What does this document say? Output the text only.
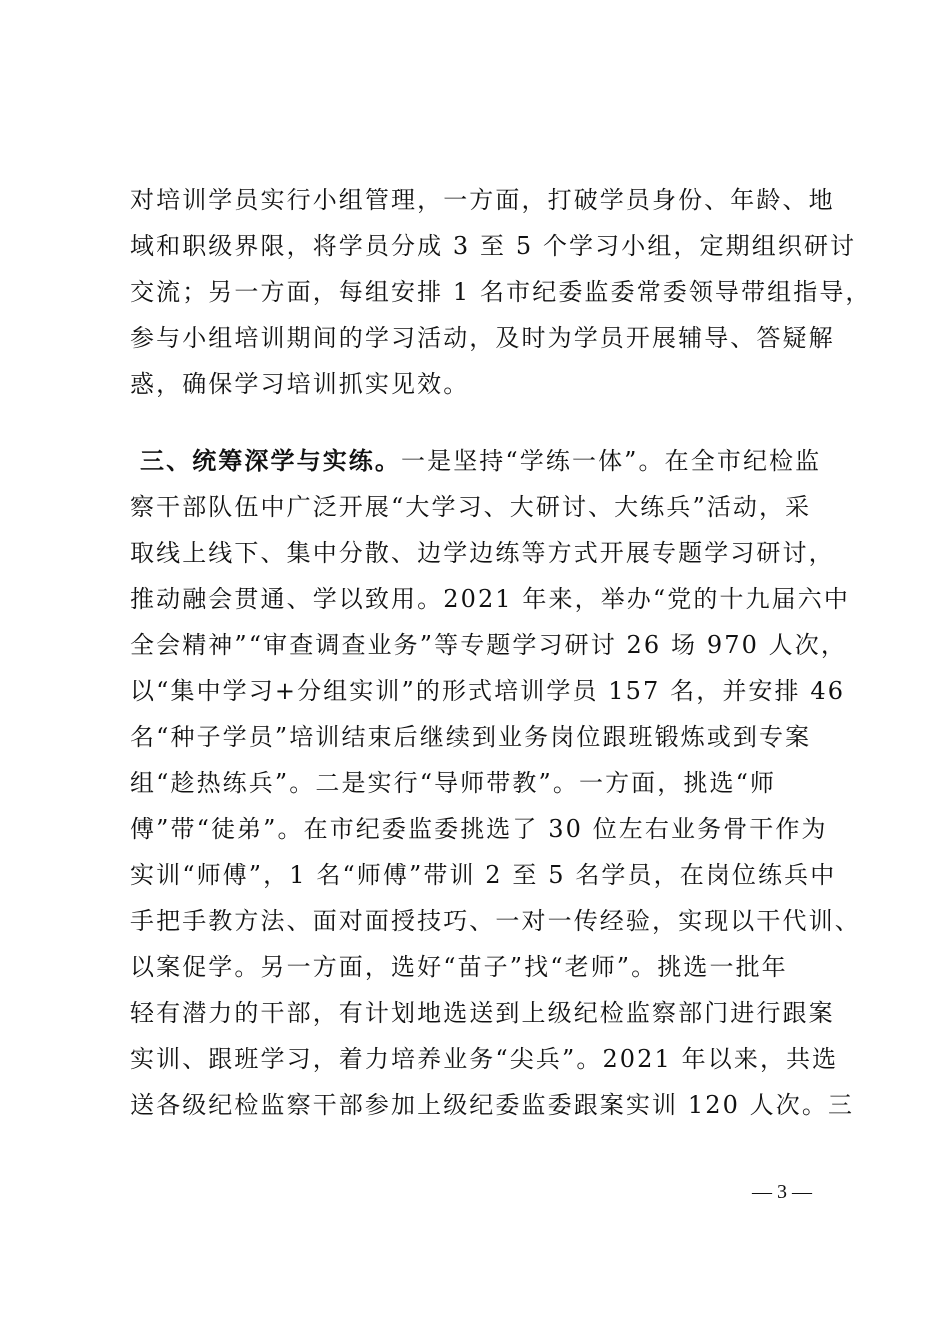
对培训学员实行小组管理，一方面，打破学员身份、年龄、地
域和职级界限，将学员分成 3 至 5 个学习小组，定期组织研讨
交流；另一方面，每组安排 1 名市纪委监委常委领导带组指导，
参与小组培训期间的学习活动，及时为学员开展辅导、答疑解
惑，确保学习培训抓实见效。
三、统筹深学与实练。一是坚持“学练一体”。在全市纪检监
察干部队伍中广泛开展“大学习、大研讨、大练兵”活动，采
取线上线下、集中分散、边学边练等方式开展专题学习研讨，
推动融会贯通、学以致用。2021 年来，举办“党的十九届六中
全会精神”“审查调查业务”等专题学习研讨 26 场 970 人次，
以“集中学习+分组实训”的形式培训学员 157 名，并安排 46
名“种子学员”培训结束后继续到业务岗位跟班锻炼或到专案
组“趁热练兵”。二是实行“导师带教”。一方面，挑选“师
傅”带“徒弟”。在市纪委监委挑选了 30 位左右业务骨干作为
实训“师傅”，1 名“师傅”带训 2 至 5 名学员，在岗位练兵中
手把手教方法、面对面授技巧、一对一传经验，实现以干代训、
以案促学。另一方面，选好“苗子”找“老师”。挑选一批年
轻有潜力的干部，有计划地选送到上级纪检监察部门进行跟案
实训、跟班学习，着力培养业务“尖兵”。2021 年以来，共选
送各级纪检监察干部参加上级纪委监委跟案实训 120 人次。三
— 3 —
